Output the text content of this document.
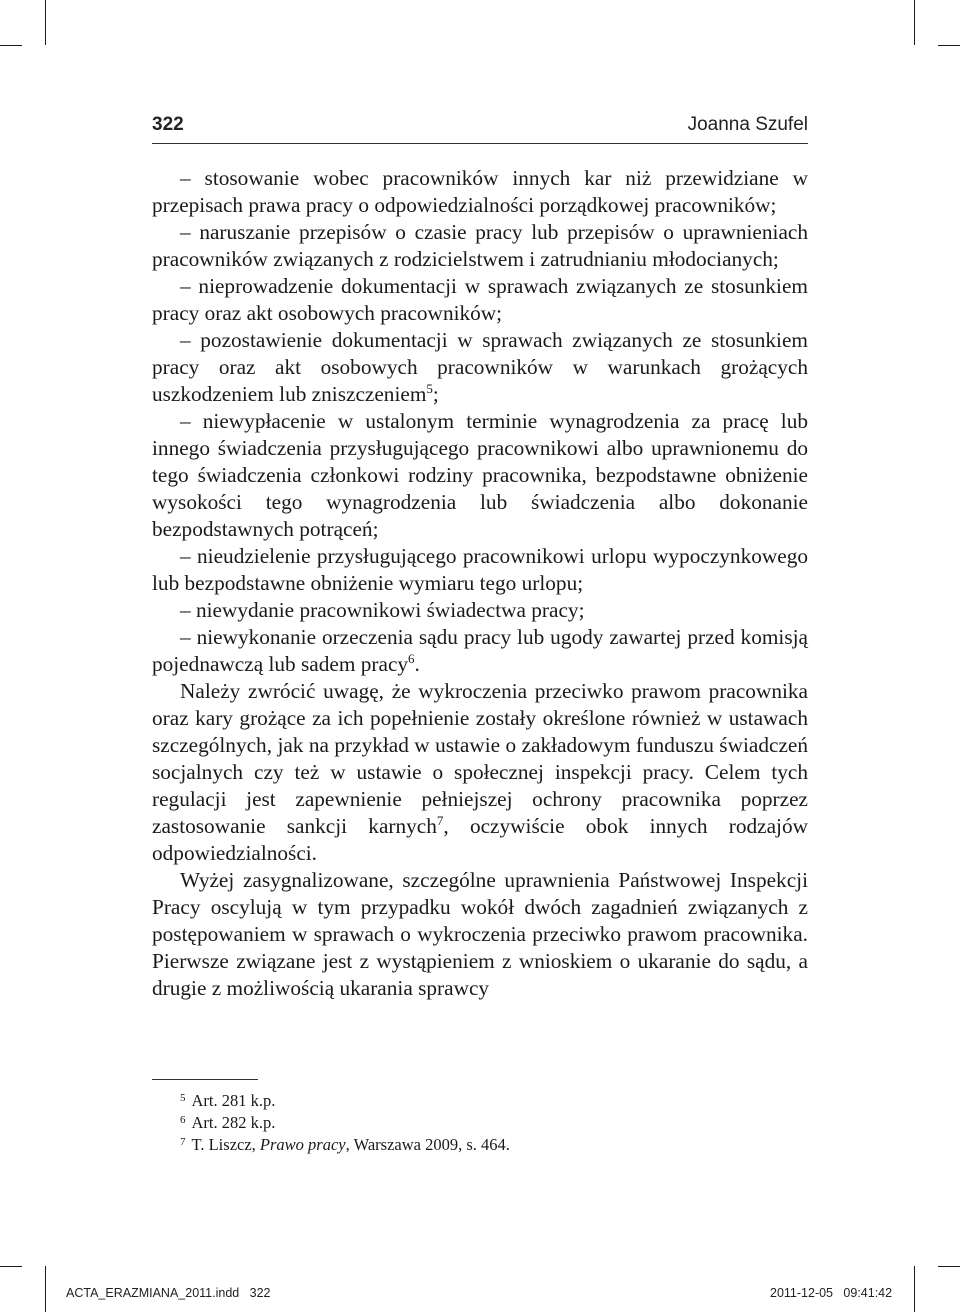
322	Joanna Szufel

– stosowanie wobec pracowników innych kar niż przewidziane w przepisach prawa pracy o odpowiedzialności porządkowej pracowników;

– naruszanie przepisów o czasie pracy lub przepisów o uprawnieniach pracowników związanych z rodzicielstwem i zatrudnianiu młodocianych;

– nieprowadzenie dokumentacji w sprawach związanych ze stosunkiem pracy oraz akt osobowych pracowników;

– pozostawienie dokumentacji w sprawach związanych ze stosunkiem pracy oraz akt osobowych pracowników w warunkach grożących uszkodzeniem lub zniszczeniem$^5$;

– niewypłacenie w ustalonym terminie wynagrodzenia za pracę lub innego świadczenia przysługującego pracownikowi albo uprawnionemu do tego świadczenia członkowi rodziny pracownika, bezpodstawne obniżenie wysokości tego wynagrodzenia lub świadczenia albo dokonanie bezpodstawnych potrąceń;

– nieudzielenie przysługującego pracownikowi urlopu wypoczynkowego lub bezpodstawne obniżenie wymiaru tego urlopu;

– niewydanie pracownikowi świadectwa pracy;

– niewykonanie orzeczenia sądu pracy lub ugody zawartej przed komisją pojednawczą lub sadem pracy$^6$.

Należy zwrócić uwagę, że wykroczenia przeciwko prawom pracownika oraz kary grożące za ich popełnienie zostały określone również w ustawach szczególnych, jak na przykład w ustawie o zakładowym funduszu świadczeń socjalnych czy też w ustawie o społecznej inspekcji pracy. Celem tych regulacji jest zapewnienie pełniejszej ochrony pracownika poprzez zastosowanie sankcji karnych$^7$, oczywiście obok innych rodzajów odpowiedzialności.

Wyżej zasygnalizowane, szczególne uprawnienia Państwowej Inspekcji Pracy oscylują w tym przypadku wokół dwóch zagadnień związanych z postępowaniem w sprawach o wykroczenia przeciwko prawom pracownika. Pierwsze związane jest z wystąpieniem z wnioskiem o ukaranie do sądu, a drugie z możliwością ukarania sprawcy

$^5$ Art. 281 k.p.

$^6$ Art. 282 k.p.

$^7$ T. Liszcz, Prawo pracy, Warszawa 2009, s. 464.

ACTA_ERAZMIANA_2011.indd   322	2011-12-05   09:41:42
